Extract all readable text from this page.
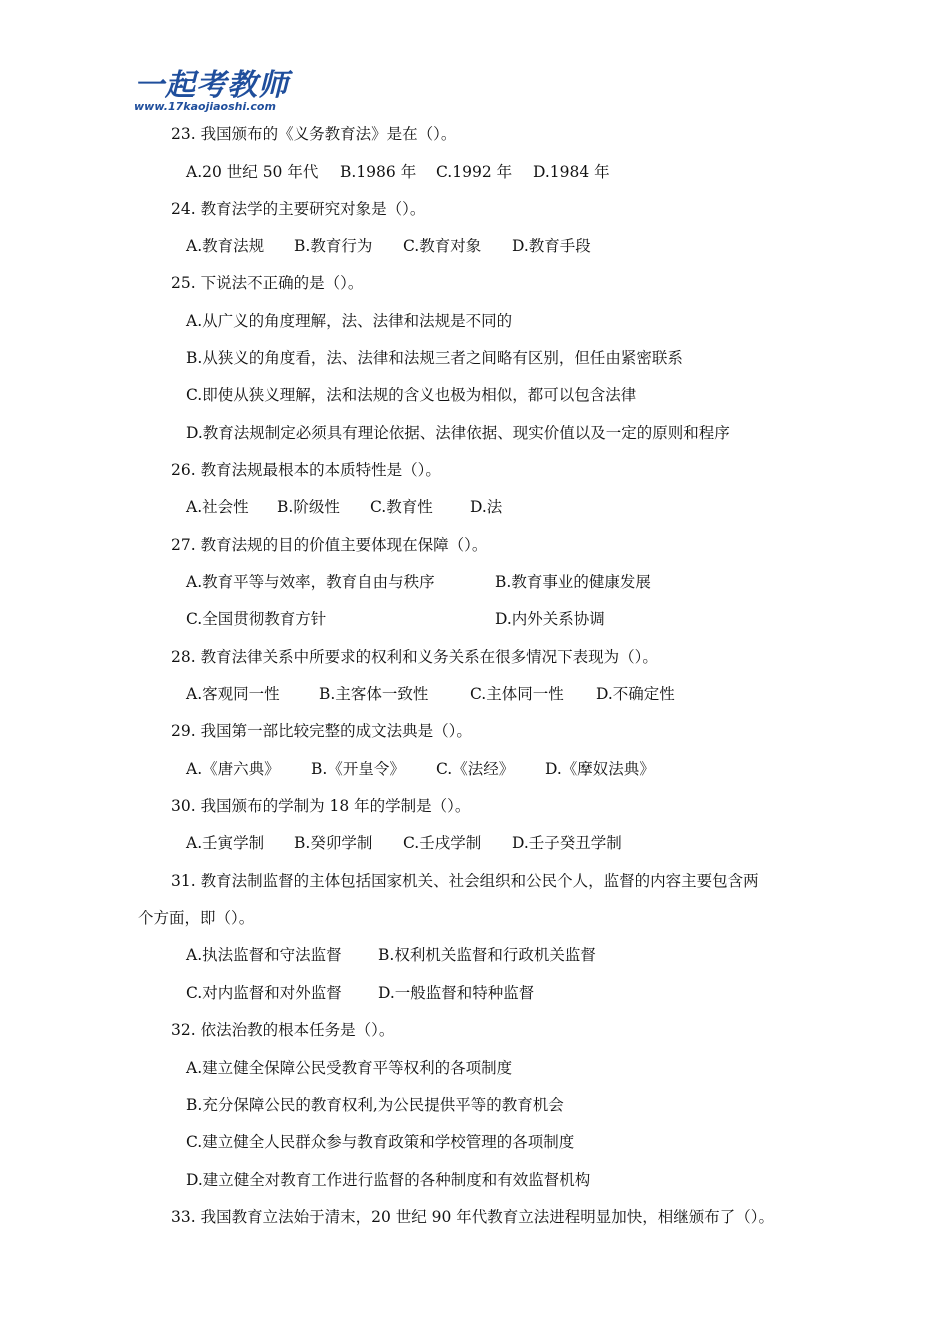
一起考教师
www.17kaojiaoshi.com
23. 我国颁布的《义务教育法》是在（）。
A.20 世纪 50 年代 B.1986 年 C.1992 年 D.1984 年
24. 教育法学的主要研究对象是（）。
A.教育法规 B.教育行为 C.教育对象 D.教育手段
25. 下说法不正确的是（）。
A.从广义的角度理解，法、法律和法规是不同的
B.从狭义的角度看，法、法律和法规三者之间略有区别，但任由紧密联系
C.即使从狭义理解，法和法规的含义也极为相似，都可以包含法律
D.教育法规制定必须具有理论依据、法律依据、现实价值以及一定的原则和程序
26. 教育法规最根本的本质特性是（）。
A.社会性 B.阶级性 C.教育性 D.法
27. 教育法规的目的价值主要体现在保障（）。
A.教育平等与效率，教育自由与秩序	B.教育事业的健康发展
C.全国贯彻教育方针	D.内外关系协调
28. 教育法律关系中所要求的权利和义务关系在很多情况下表现为（）。
A.客观同一性	B.主客体一致性	C.主体同一性 D.不确定性
29. 我国第一部比较完整的成文法典是（）。
A.《唐六典》 B.《开皇令》 C.《法经》 D.《摩奴法典》
30. 我国颁布的学制为 18 年的学制是（）。
A.壬寅学制 B.癸卯学制 C.壬戌学制 D.壬子癸丑学制
31. 教育法制监督的主体包括国家机关、社会组织和公民个人，监督的内容主要包含两
个方面，即（）。
A.执法监督和守法监督 B.权利机关监督和行政机关监督
C.对内监督和对外监督 D.一般监督和特种监督
32. 依法治教的根本任务是（）。
A.建立健全保障公民受教育平等权利的各项制度
B.充分保障公民的教育权利,为公民提供平等的教育机会
C.建立健全人民群众参与教育政策和学校管理的各项制度
D.建立健全对教育工作进行监督的各种制度和有效监督机构
33. 我国教育立法始于清末，20 世纪 90 年代教育立法进程明显加快，相继颁布了（）。
